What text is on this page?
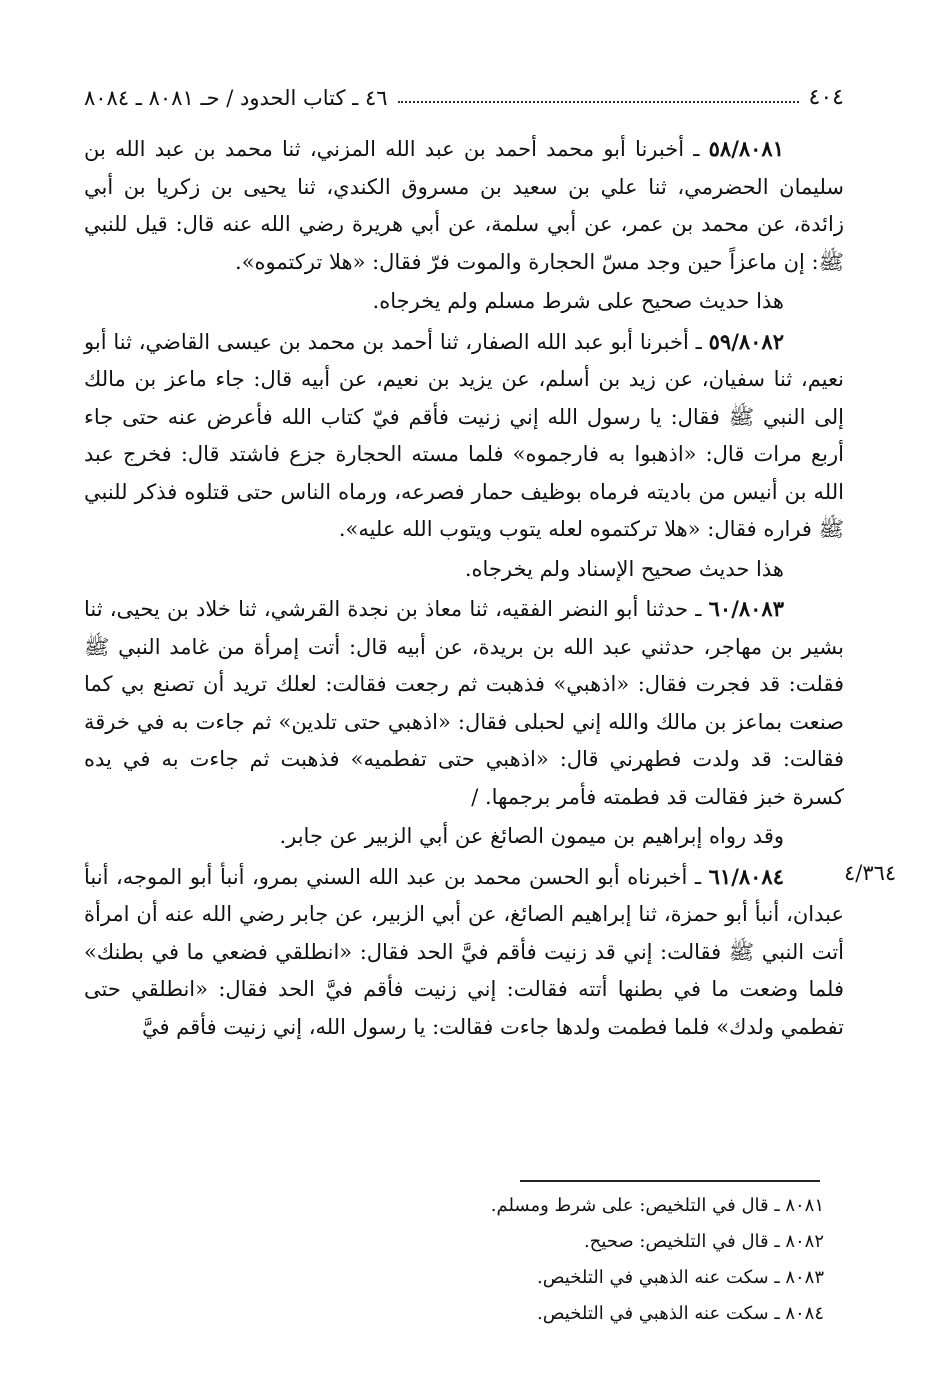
٤٠٤
٤٦ ـ كتاب الحدود / حـ ٨٠٨١ ـ ٨٠٨٤

٥٨/٨٠٨١ ـ أخبرنا أبو محمد أحمد بن عبد الله المزني، ثنا محمد بن عبد الله بن سليمان الحضرمي، ثنا علي بن سعيد بن مسروق الكندي، ثنا يحيى بن زكريا بن أبي زائدة، عن محمد بن عمر، عن أبي سلمة، عن أبي هريرة رضي الله عنه قال: قيل للنبي ﷺ: إن ماعزاً حين وجد مسّ الحجارة والموت فرّ فقال: «هلا تركتموه».

هذا حديث صحيح على شرط مسلم ولم يخرجاه.

٥٩/٨٠٨٢ ـ أخبرنا أبو عبد الله الصفار، ثنا أحمد بن محمد بن عيسى القاضي، ثنا أبو نعيم، ثنا سفيان، عن زيد بن أسلم، عن يزيد بن نعيم، عن أبيه قال: جاء ماعز بن مالك إلى النبي ﷺ فقال: يا رسول الله إني زنيت فأقم فيّ كتاب الله فأعرض عنه حتى جاء أربع مرات قال: «اذهبوا به فارجموه» فلما مسته الحجارة جزع فاشتد قال: فخرج عبد الله بن أنيس من باديته فرماه بوظيف حمار فصرعه، ورماه الناس حتى قتلوه فذكر للنبي ﷺ فراره فقال: «هلا تركتموه لعله يتوب ويتوب الله عليه».

هذا حديث صحيح الإسناد ولم يخرجاه.

٦٠/٨٠٨٣ ـ حدثنا أبو النضر الفقيه، ثنا معاذ بن نجدة القرشي، ثنا خلاد بن يحيى، ثنا بشير بن مهاجر، حدثني عبد الله بن بريدة، عن أبيه قال: أتت إمرأة من غامد النبي ﷺ فقلت: قد فجرت فقال: «اذهبي» فذهبت ثم رجعت فقالت: لعلك تريد أن تصنع بي كما صنعت بماعز بن مالك والله إني لحبلى فقال: «اذهبي حتى تلدين» ثم جاءت به في خرقة فقالت: قد ولدت فطهرني قال: «اذهبي حتى تفطميه» فذهبت ثم جاءت به في يده كسرة خبز فقالت قد فطمته فأمر برجمها. /

وقد رواه إبراهيم بن ميمون الصائغ عن أبي الزبير عن جابر.

٦١/٨٠٨٤ ـ أخبرناه أبو الحسن محمد بن عبد الله السني بمرو، أنبأ أبو الموجه، أنبأ عبدان، أنبأ أبو حمزة، ثنا إبراهيم الصائغ، عن أبي الزبير، عن جابر رضي الله عنه أن امرأة أتت النبي ﷺ فقالت: إني قد زنيت فأقم فيَّ الحد فقال: «انطلقي فضعي ما في بطنك» فلما وضعت ما في بطنها أتته فقالت: إني زنيت فأقم فيَّ الحد فقال: «انطلقي حتى تفطمي ولدك» فلما فطمت ولدها جاءت فقالت: يا رسول الله، إني زنيت فأقم فيَّ

٤/٣٦٤
٨٠٨١ ـ قال في التلخيص: على شرط ومسلم.
٨٠٨٢ ـ قال في التلخيص: صحيح.
٨٠٨٣ ـ سكت عنه الذهبي في التلخيص.
٨٠٨٤ ـ سكت عنه الذهبي في التلخيص.
